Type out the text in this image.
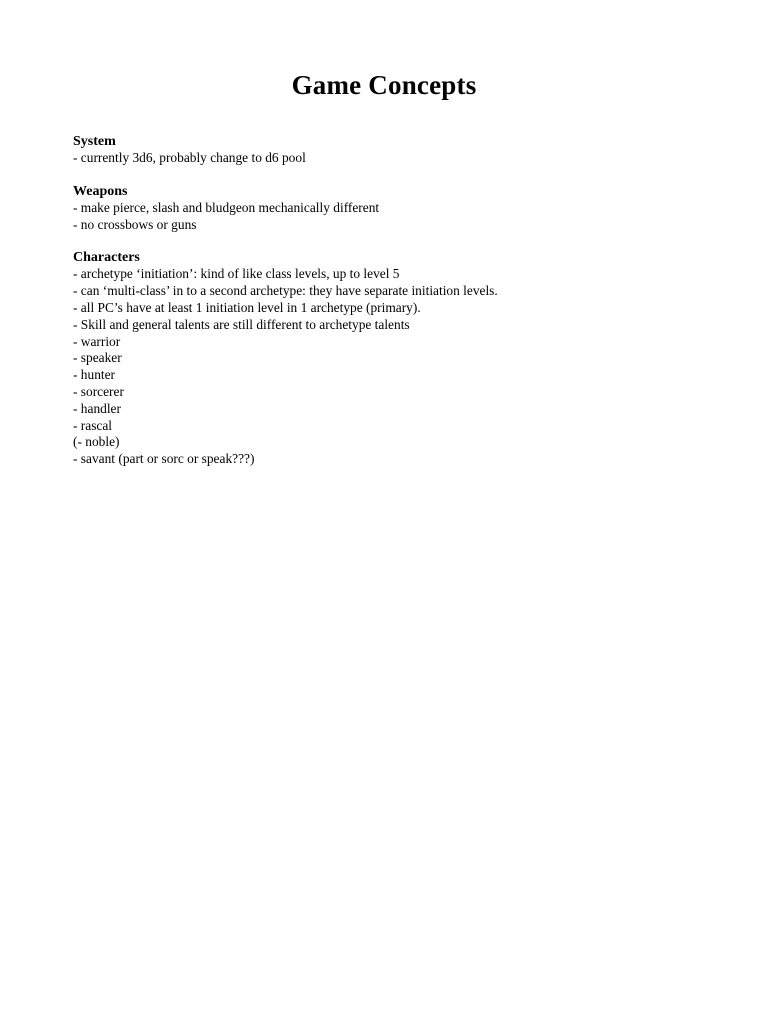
Game Concepts

System

- currently 3d6, probably change to d6 pool

Weapons

- make pierce, slash and bludgeon mechanically different

- no crossbows or guns

Characters

- archetype ‘initiation’: kind of like class levels, up to level 5

- can ‘multi-class’ in to a second archetype: they have separate initiation levels.

- all PC’s have at least 1 initiation level in 1 archetype (primary).

- Skill and general talents are still different to archetype talents

- warrior

- speaker

- hunter

- sorcerer

- handler

- rascal

(- noble)

- savant (part or sorc or speak???)
